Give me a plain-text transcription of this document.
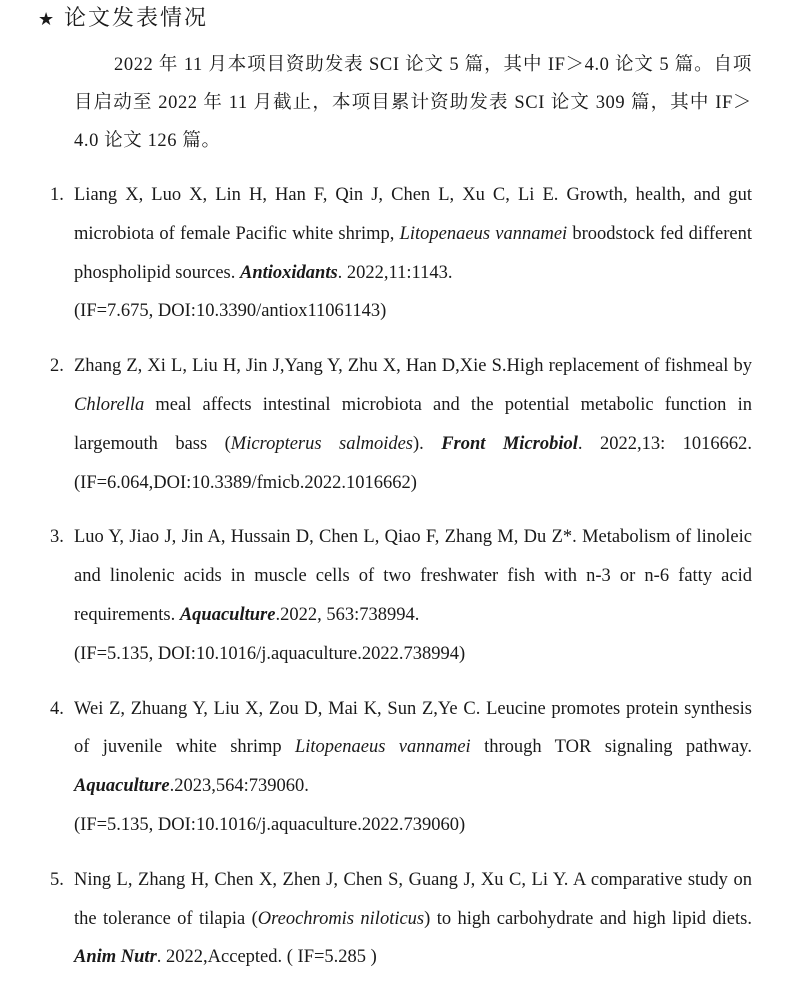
★ 论文发表情况

2022 年 11 月本项目资助发表 SCI 论文 5 篇，其中 IF＞4.0 论文 5 篇。自项目启动至 2022 年 11 月截止，本项目累计资助发表 SCI 论文 309 篇，其中 IF＞4.0 论文 126 篇。

1. Liang X, Luo X, Lin H, Han F, Qin J, Chen L, Xu C, Li E. Growth, health, and gut microbiota of female Pacific white shrimp, Litopenaeus vannamei broodstock fed different phospholipid sources. Antioxidants. 2022,11:1143.
(IF=7.675, DOI:10.3390/antiox11061143)
2. Zhang Z, Xi L, Liu H, Jin J,Yang Y, Zhu X, Han D,Xie S.High replacement of fishmeal by Chlorella meal affects intestinal microbiota and the potential metabolic function in largemouth bass (Micropterus salmoides). Front Microbiol. 2022,13: 1016662.(IF=6.064,DOI:10.3389/fmicb.2022.1016662)
3. Luo Y, Jiao J, Jin A, Hussain D, Chen L, Qiao F, Zhang M, Du Z*. Metabolism of linoleic and linolenic acids in muscle cells of two freshwater fish with n-3 or n-6 fatty acid requirements. Aquaculture.2022, 563:738994.
(IF=5.135, DOI:10.1016/j.aquaculture.2022.738994)
4. Wei Z, Zhuang Y, Liu X, Zou D, Mai K, Sun Z,Ye C. Leucine promotes protein synthesis of juvenile white shrimp Litopenaeus vannamei through TOR signaling pathway. Aquaculture.2023,564:739060.
(IF=5.135, DOI:10.1016/j.aquaculture.2022.739060)
5. Ning L, Zhang H, Chen X, Zhen J, Chen S, Guang J, Xu C, Li Y. A comparative study on the tolerance of tilapia (Oreochromis niloticus) to high carbohydrate and high lipid diets. Anim Nutr. 2022,Accepted. ( IF=5.285 )
